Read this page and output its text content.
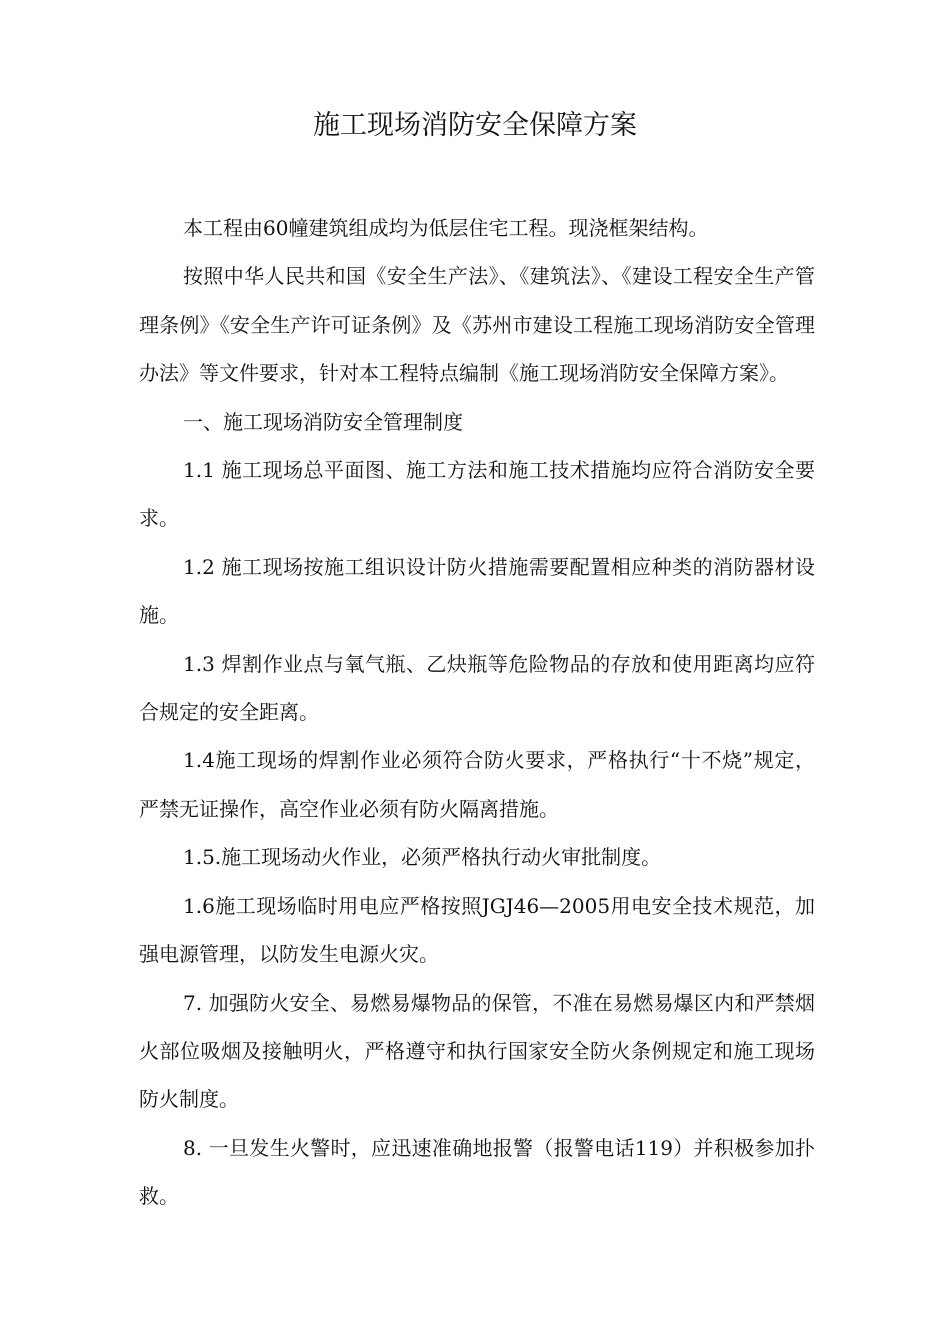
施工现场消防安全保障方案

本工程由60幢建筑组成均为低层住宅工程。现浇框架结构。

按照中华人民共和国《安全生产法》、《建筑法》、《建设工程安全生产管理条例》《安全生产许可证条例》及《苏州市建设工程施工现场消防安全管理办法》等文件要求，针对本工程特点编制《施工现场消防安全保障方案》。

一、施工现场消防安全管理制度

1.1 施工现场总平面图、施工方法和施工技术措施均应符合消防安全要求。

1.2 施工现场按施工组识设计防火措施需要配置相应种类的消防器材设施。

1.3 焊割作业点与氧气瓶、乙炔瓶等危险物品的存放和使用距离均应符合规定的安全距离。

1.4施工现场的焊割作业必须符合防火要求，严格执行“十不烧”规定，严禁无证操作，高空作业必须有防火隔离措施。

1.5.施工现场动火作业，必须严格执行动火审批制度。

1.6施工现场临时用电应严格按照JGJ46—2005用电安全技术规范，加强电源管理，以防发生电源火灾。

7. 加强防火安全、易燃易爆物品的保管，不准在易燃易爆区内和严禁烟火部位吸烟及接触明火，严格遵守和执行国家安全防火条例规定和施工现场防火制度。

8. 一旦发生火警时，应迅速准确地报警（报警电话119）并积极参加扑救。
